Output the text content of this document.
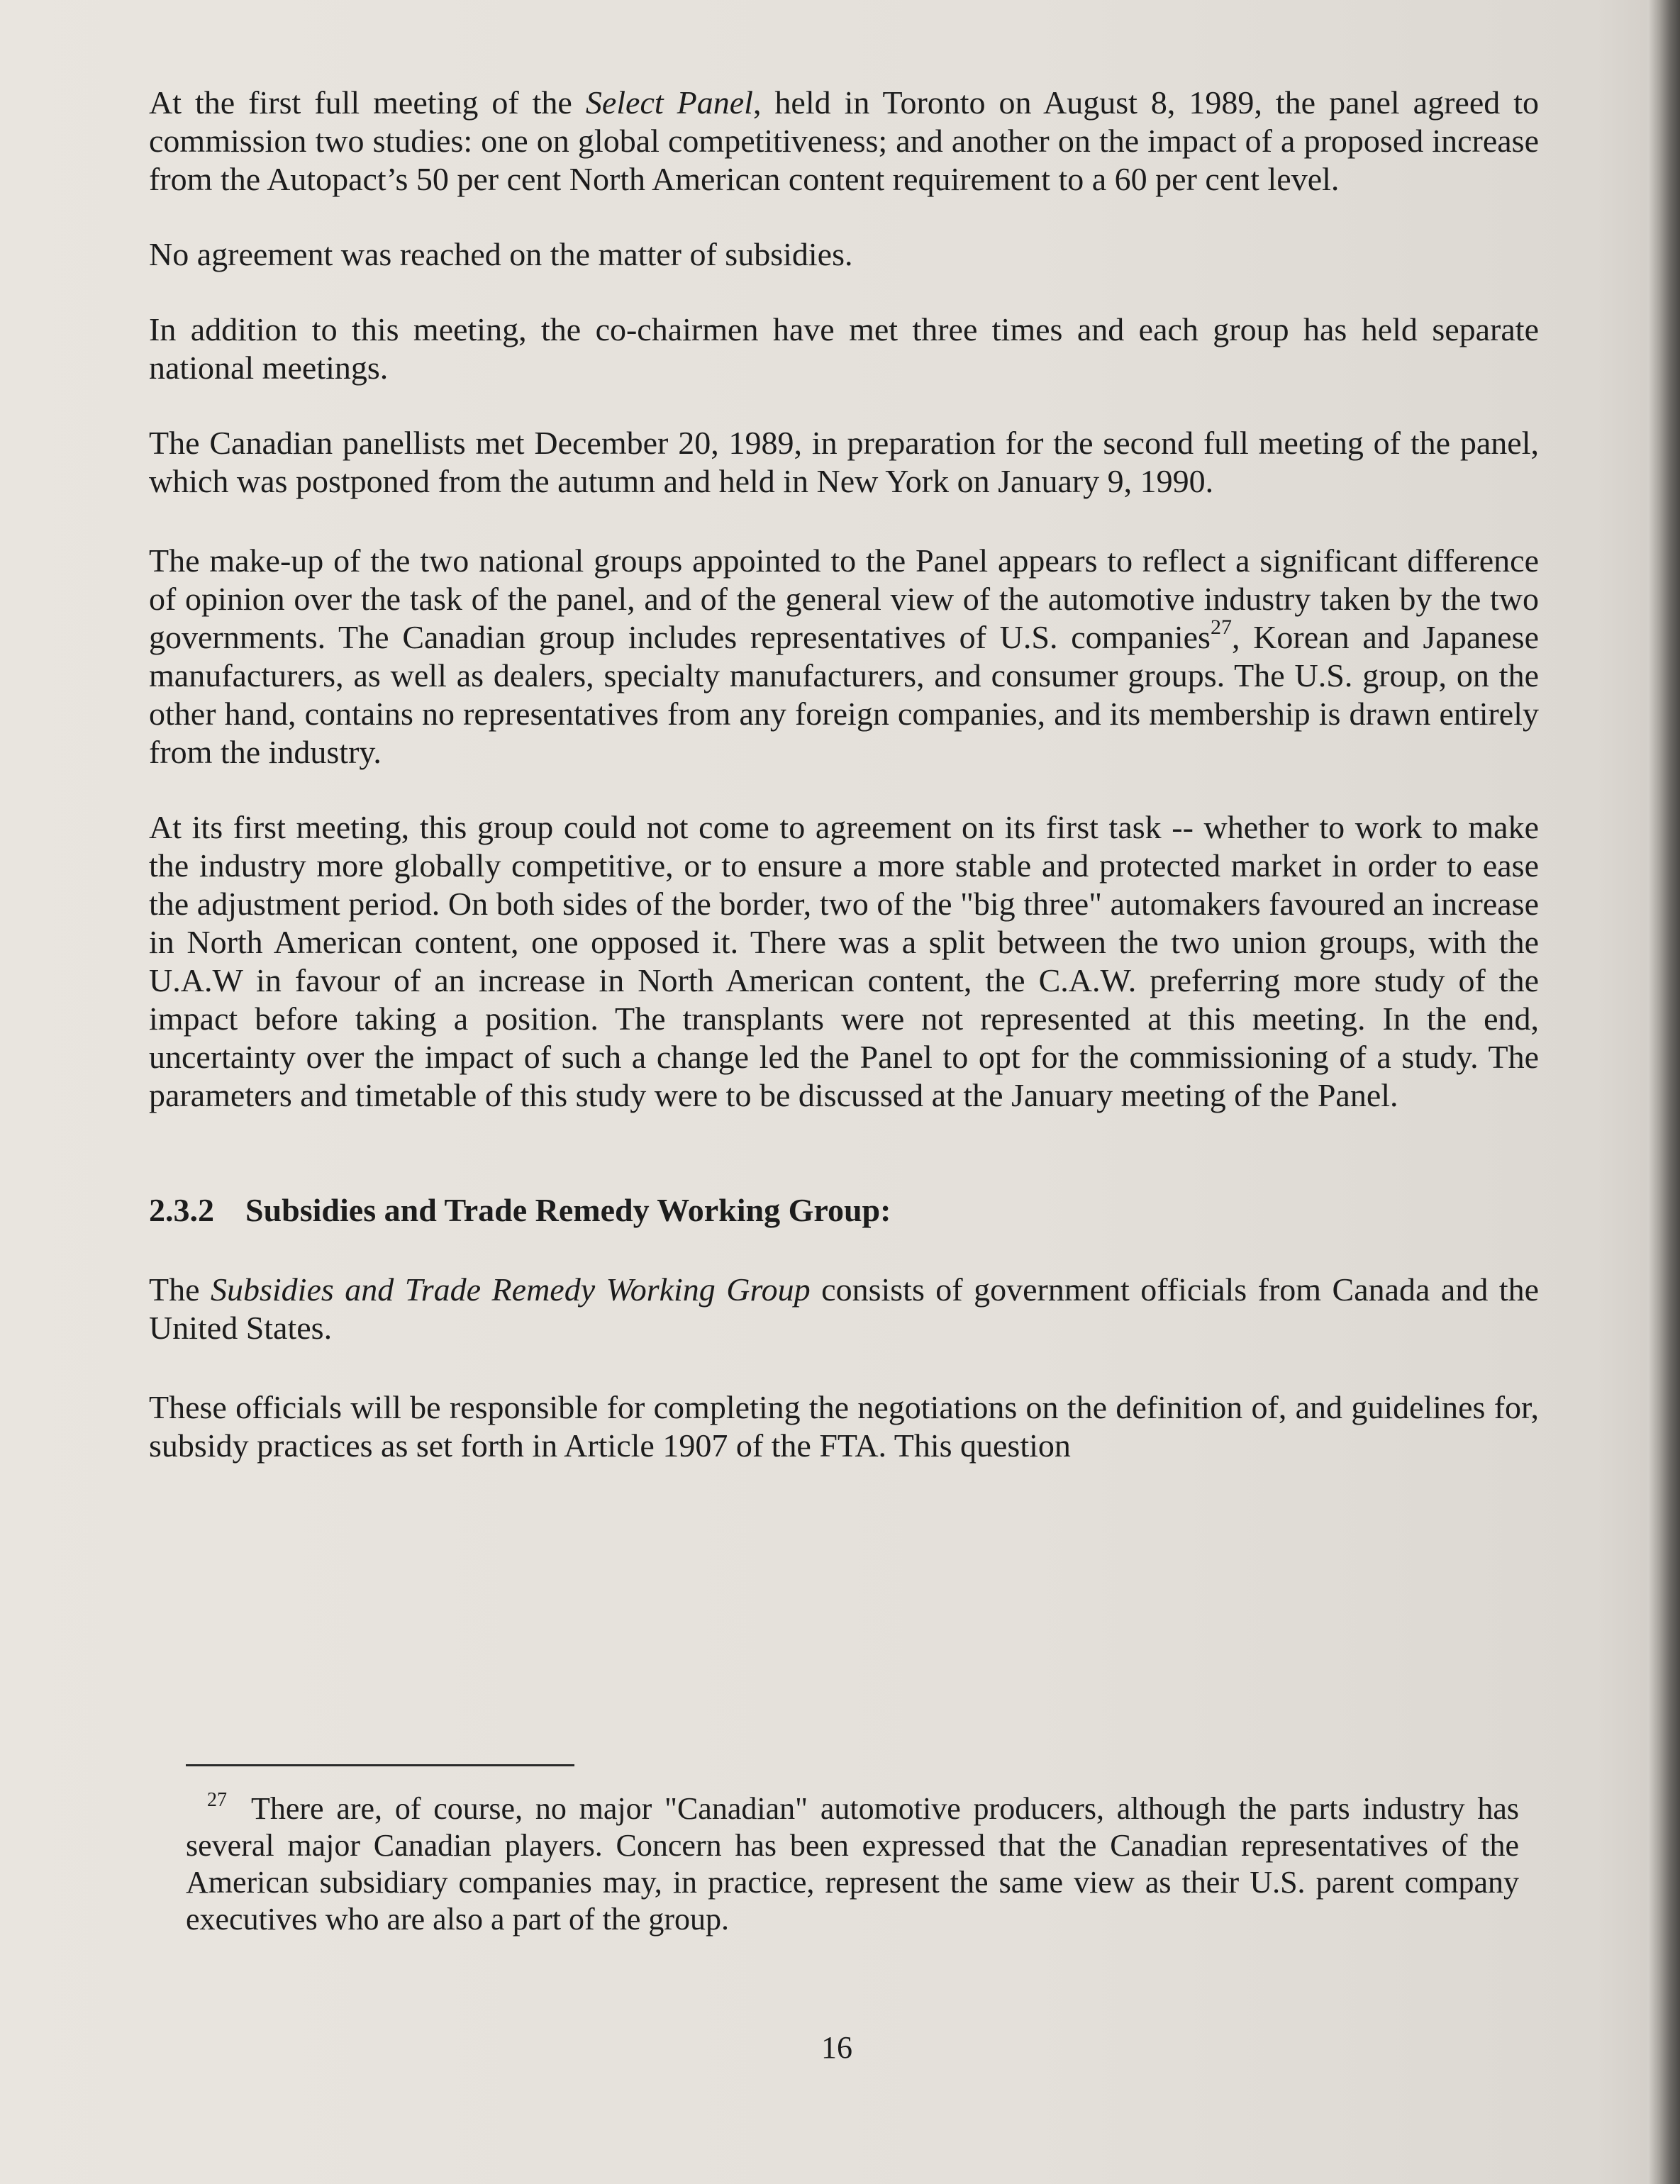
At the first full meeting of the Select Panel, held in Toronto on August 8, 1989, the panel agreed to commission two studies: one on global competitiveness; and another on the impact of a proposed increase from the Autopact’s 50 per cent North American content requirement to a 60 per cent level.

No agreement was reached on the matter of subsidies.

In addition to this meeting, the co-chairmen have met three times and each group has held separate national meetings.

The Canadian panellists met December 20, 1989, in preparation for the second full meeting of the panel, which was postponed from the autumn and held in New York on January 9, 1990.

The make-up of the two national groups appointed to the Panel appears to reflect a significant difference of opinion over the task of the panel, and of the general view of the automotive industry taken by the two governments. The Canadian group includes representatives of U.S. companies$^{27}$, Korean and Japanese manufacturers, as well as dealers, specialty manufacturers, and consumer groups. The U.S. group, on the other hand, contains no representatives from any foreign companies, and its membership is drawn entirely from the industry.

At its first meeting, this group could not come to agreement on its first task -- whether to work to make the industry more globally competitive, or to ensure a more stable and protected market in order to ease the adjustment period. On both sides of the border, two of the "big three" automakers favoured an increase in North American content, one opposed it. There was a split between the two union groups, with the U.A.W in favour of an increase in North American content, the C.A.W. preferring more study of the impact before taking a position. The transplants were not represented at this meeting. In the end, uncertainty over the impact of such a change led the Panel to opt for the commissioning of a study. The parameters and timetable of this study were to be discussed at the January meeting of the Panel.

2.3.2 Subsidies and Trade Remedy Working Group:

The Subsidies and Trade Remedy Working Group consists of government officials from Canada and the United States.

These officials will be responsible for completing the negotiations on the definition of, and guidelines for, subsidy practices as set forth in Article 1907 of the FTA. This question

27 There are, of course, no major "Canadian" automotive producers, although the parts industry has several major Canadian players. Concern has been expressed that the Canadian representatives of the American subsidiary companies may, in practice, represent the same view as their U.S. parent company executives who are also a part of the group.
16
